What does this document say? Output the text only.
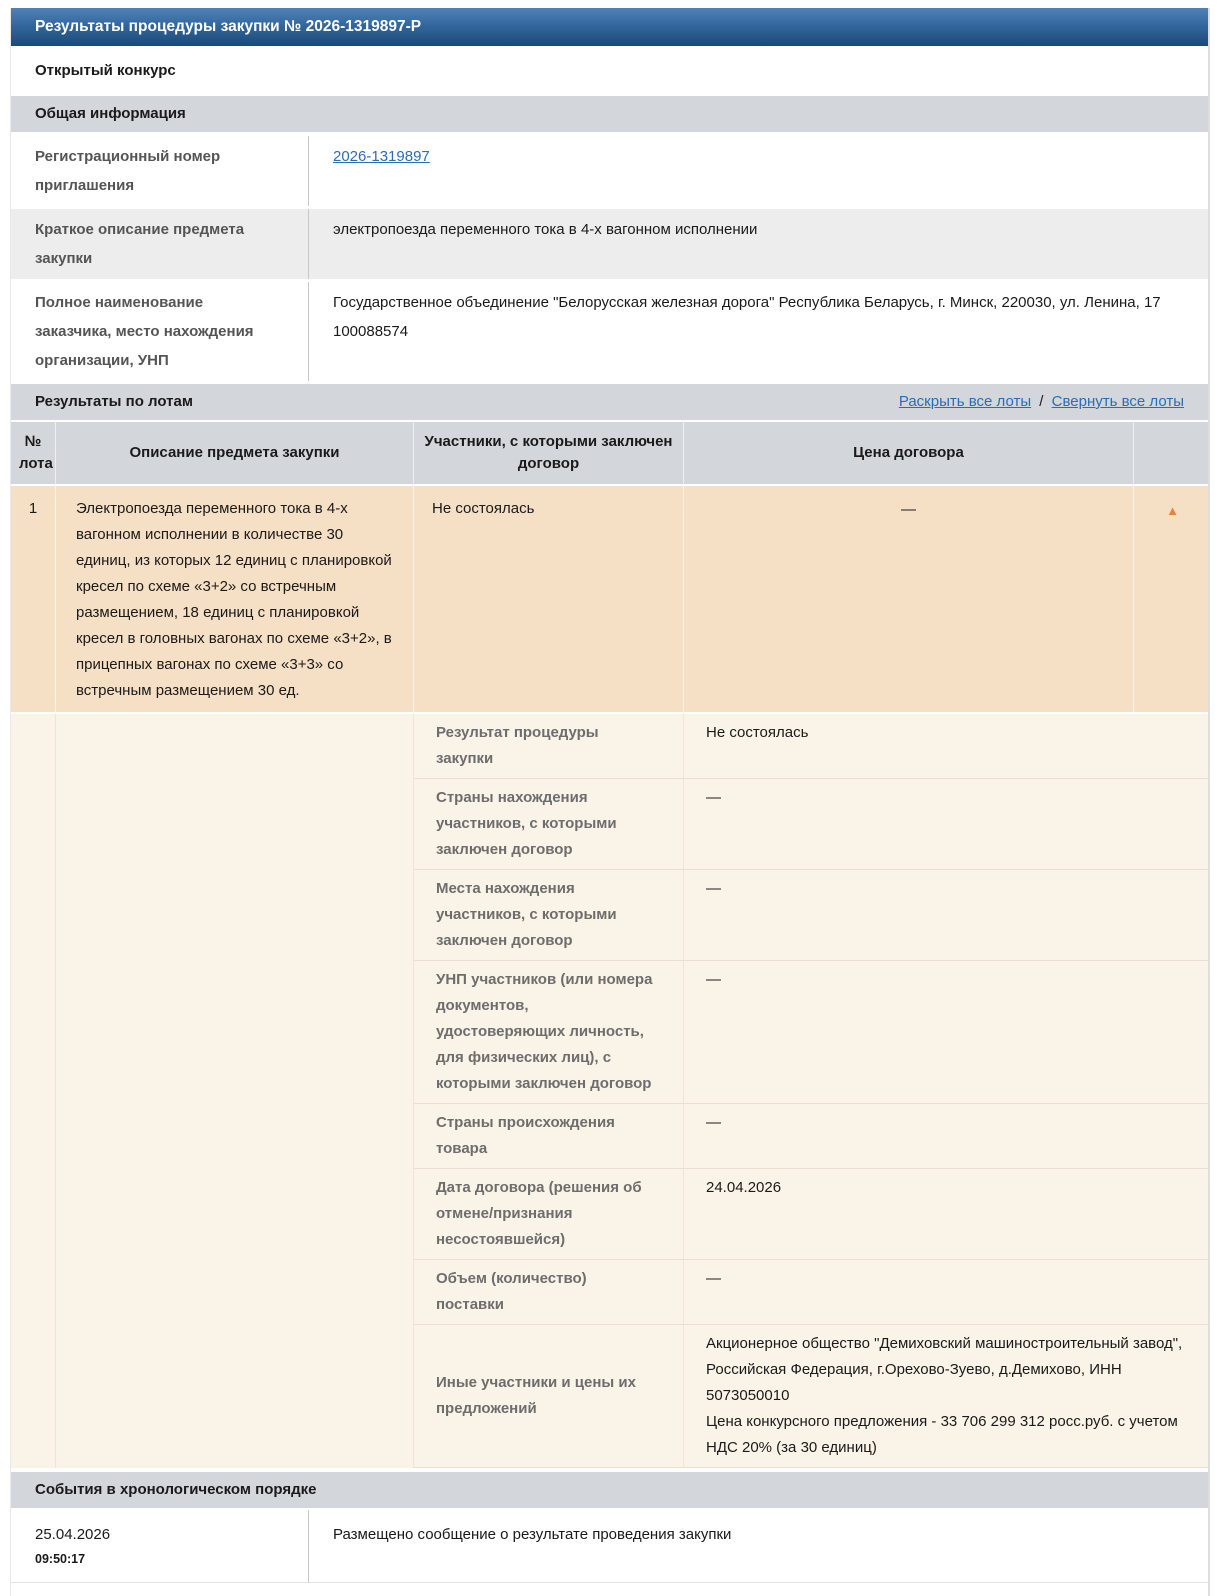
Результаты процедуры закупки № 2026-1319897-Р
Открытый конкурс
Общая информация
Регистрационный номер приглашения	2026-1319897
Краткое описание предмета закупки	электропоезда переменного тока в 4-х вагонном исполнении
Полное наименование заказчика, место нахождения организации, УНП	Государственное объединение "Белорусская железная дорога" Республика Беларусь, г. Минск, 220030, ул. Ленина, 17 100088574
Результаты по лотам	Раскрыть все лоты / Свернуть все лоты
№ лота	Описание предмета закупки	Участники, с которыми заключен договор	Цена договора	
1	Электропоезда переменного тока в 4-х вагонном исполнении в количестве 30 единиц, из которых 12 единиц с планировкой кресел по схеме «3+2» со встречным размещением, 18 единиц с планировкой кресел в головных вагонах по схеме «3+2», в прицепных вагонах по схеме «3+3» со встречным размещением 30 ед.	Не состоялась	—	▲
		Результат процедуры закупки	Не состоялась	
		Страны нахождения участников, с которыми заключен договор	—	
		Места нахождения участников, с которыми заключен договор	—	
		УНП участников (или номера документов, удостоверяющих личность, для физических лиц), с которыми заключен договор	—	
		Страны происхождения товара	—	
		Дата договора (решения об отмене/признания несостоявшейся)	24.04.2026	
		Объем (количество) поставки	—	
		Иные участники и цены их предложений	Акционерное общество "Демиховский машиностроительный завод", Российская Федерация, г.Орехово-Зуево, д.Демихово, ИНН 5073050010
Цена конкурсного предложения - 33 706 299 312 росс.руб. с учетом НДС 20% (за 30 единиц)	
События в хронологическом порядке
25.04.2026
09:50:17
	Размещено сообщение о результате проведения закупки
